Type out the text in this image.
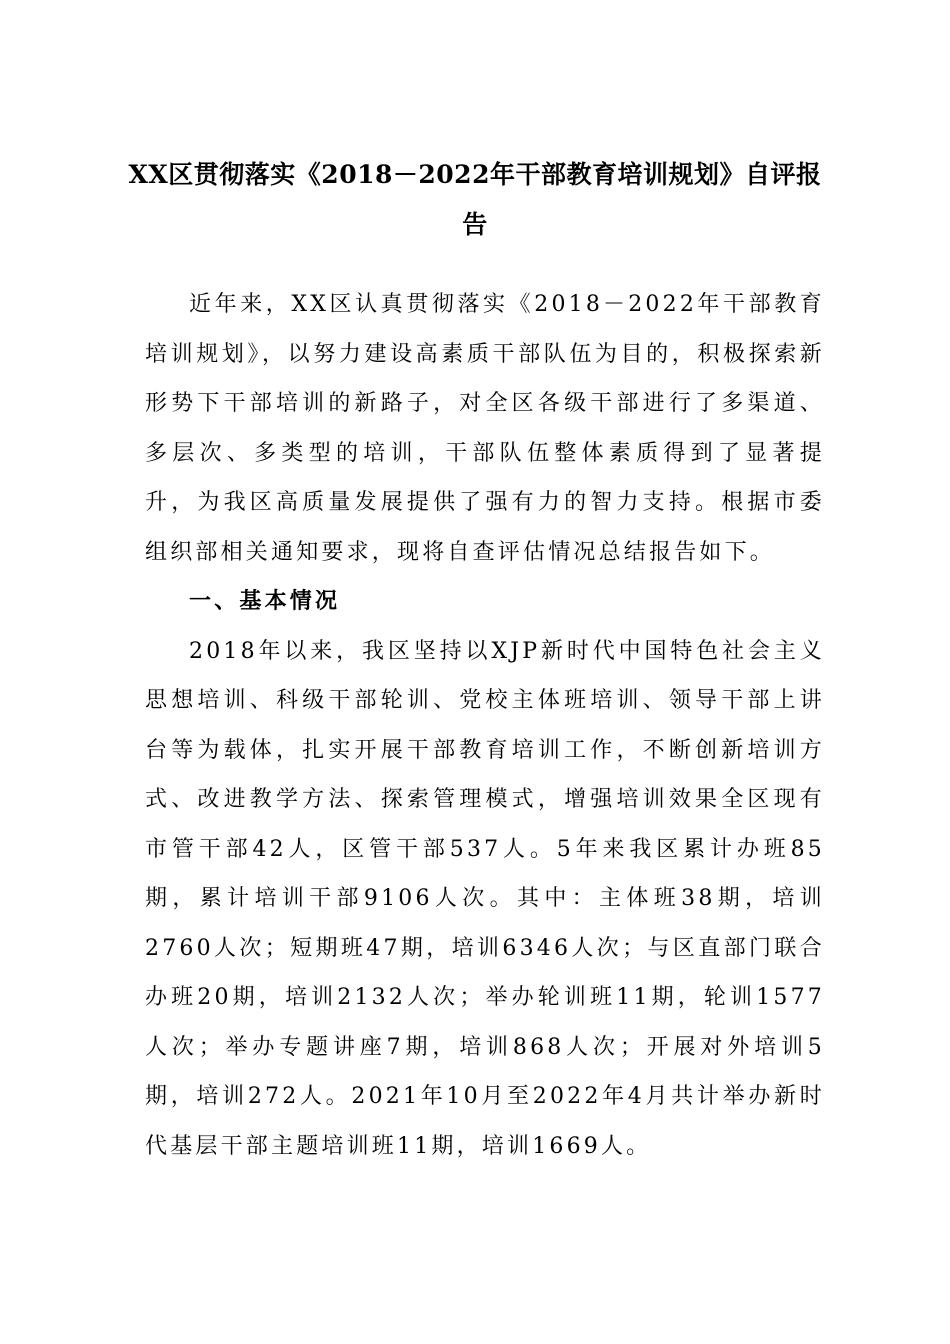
XX区贯彻落实《2018－2022年干部教育培训规划》自评报
告

近年来，XX区认真贯彻落实《2018－2022年干部教育培训规划》，以努力建设高素质干部队伍为目的，积极探索新形势下干部培训的新路子，对全区各级干部进行了多渠道、多层次、多类型的培训，干部队伍整体素质得到了显著提升，为我区高质量发展提供了强有力的智力支持。根据市委组织部相关通知要求，现将自查评估情况总结报告如下。

一、基本情况

2018年以来，我区坚持以XJP新时代中国特色社会主义思想培训、科级干部轮训、党校主体班培训、领导干部上讲台等为载体，扎实开展干部教育培训工作，不断创新培训方式、改进教学方法、探索管理模式，增强培训效果全区现有市管干部42人，区管干部537人。5年来我区累计办班85期，累计培训干部9106人次。其中：主体班38期，培训2760人次；短期班47期，培训6346人次；与区直部门联合办班20期，培训2132人次；举办轮训班11期，轮训1577人次；举办专题讲座7期，培训868人次；开展对外培训5期，培训272人。2021年10月至2022年4月共计举办新时代基层干部主题培训班11期，培训1669人。
